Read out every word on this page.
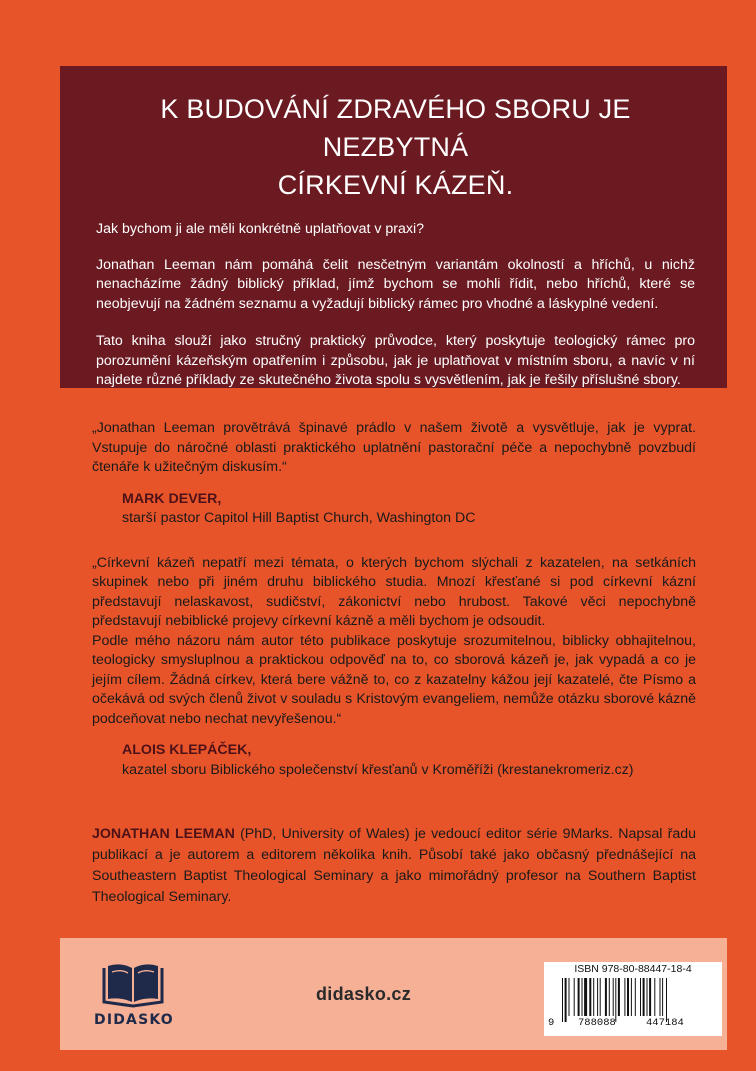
K BUDOVÁNÍ ZDRAVÉHO SBORU JE NEZBYTNÁ
CÍRKEVNÍ KÁZEŇ.

Jak bychom ji ale měli konkrétně uplatňovat v praxi?

Jonathan Leeman nám pomáhá čelit nesčetným variantám okolností a hříchů, u nichž nenacházíme žádný biblický příklad, jímž bychom se mohli řídit, nebo hříchů, které se neobjevují na žádném seznamu a vyžadují biblický rámec pro vhodné a láskyplné vedení.

Tato kniha slouží jako stručný praktický průvodce, který poskytuje teologický rámec pro porozumění kázeňským opatřením i způsobu, jak je uplatňovat v místním sboru, a navíc v ní najdete různé příklady ze skutečného života spolu s vysvětlením, jak je řešily příslušné sbory.

„Jonathan Leeman provětrává špinavé prádlo v našem životě a vysvětluje, jak je vyprat. Vstupuje do náročné oblasti praktického uplatnění pastorační péče a nepochybně povzbudí čtenáře k užitečným diskusím.“

MARK DEVER,
starší pastor Capitol Hill Baptist Church, Washington DC

„Církevní kázeň nepatří mezi témata, o kterých bychom slýchali z kazatelen, na setkáních skupinek nebo při jiném druhu biblického studia. Mnozí křesťané si pod církevní kázní představují nelaskavost, sudičství, zákonictví nebo hrubost. Takové věci nepochybně představují nebiblické projevy církevní kázně a měli bychom je odsoudit.

Podle mého názoru nám autor této publikace poskytuje srozumitelnou, biblicky obhajitelnou, teologicky smysluplnou a praktickou odpověď na to, co sborová kázeň je, jak vypadá a co je jejím cílem. Žádná církev, která bere vážně to, co z kazatelny kážou její kazatelé, čte Písmo a očekává od svých členů život v souladu s Kristovým evangeliem, nemůže otázku sborové kázně podceňovat nebo nechat nevyřešenou.“

ALOIS KLEPÁČEK,
kazatel sboru Biblického společenství křesťanů v Kroměříži (krestanekromeriz.cz)

JONATHAN LEEMAN (PhD, University of Wales) je vedoucí editor série 9Marks. Napsal řadu publikací a je autorem a editorem několika knih. Působí také jako občasný přednášející na Southeastern Baptist Theological Seminary a jako mimořádný profesor na Southern Baptist Theological Seminary.

DIDASKO
didasko.cz
ISBN 978-80-88447-18-4
9 788088	447184
